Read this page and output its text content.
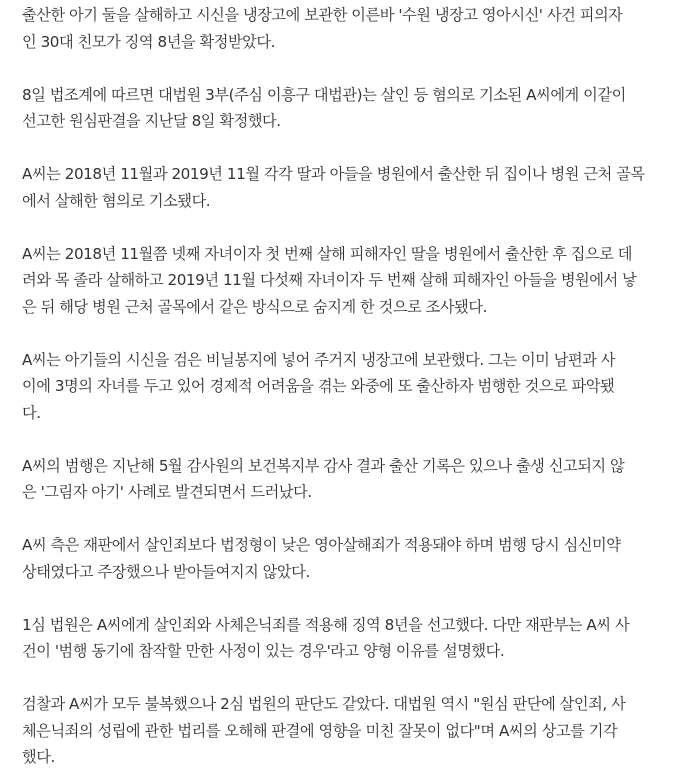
출산한 아기 둘을 살해하고 시신을 냉장고에 보관한 이른바 '수원 냉장고 영아시신' 사건 피의자
인 30대 친모가 징역 8년을 확정받았다.

8일 법조계에 따르면 대법원 3부(주심 이흥구 대법관)는 살인 등 혐의로 기소된 A씨에게 이같이
선고한 원심판결을 지난달 8일 확정했다.

A씨는 2018년 11월과 2019년 11월 각각 딸과 아들을 병원에서 출산한 뒤 집이나 병원 근처 골목
에서 살해한 혐의로 기소됐다.

A씨는 2018년 11월쯤 넷째 자녀이자 첫 번째 살해 피해자인 딸을 병원에서 출산한 후 집으로 데
려와 목 졸라 살해하고 2019년 11월 다섯째 자녀이자 두 번째 살해 피해자인 아들을 병원에서 낳
은 뒤 해당 병원 근처 골목에서 같은 방식으로 숨지게 한 것으로 조사됐다.

A씨는 아기들의 시신을 검은 비닐봉지에 넣어 주거지 냉장고에 보관했다. 그는 이미 남편과 사
이에 3명의 자녀를 두고 있어 경제적 어려움을 겪는 와중에 또 출산하자 범행한 것으로 파악됐
다.

A씨의 범행은 지난해 5월 감사원의 보건복지부 감사 결과 출산 기록은 있으나 출생 신고되지 않
은 '그림자 아기' 사례로 발견되면서 드러났다.

A씨 측은 재판에서 살인죄보다 법정형이 낮은 영아살해죄가 적용돼야 하며 범행 당시 심신미약
상태였다고 주장했으나 받아들여지지 않았다.

1심 법원은 A씨에게 살인죄와 사체은닉죄를 적용해 징역 8년을 선고했다. 다만 재판부는 A씨 사
건이 '범행 동기에 참작할 만한 사정이 있는 경우'라고 양형 이유를 설명했다.

검찰과 A씨가 모두 불복했으나 2심 법원의 판단도 같았다. 대법원 역시 "원심 판단에 살인죄, 사
체은닉죄의 성립에 관한 법리를 오해해 판결에 영향을 미친 잘못이 없다"며 A씨의 상고를 기각
했다.
